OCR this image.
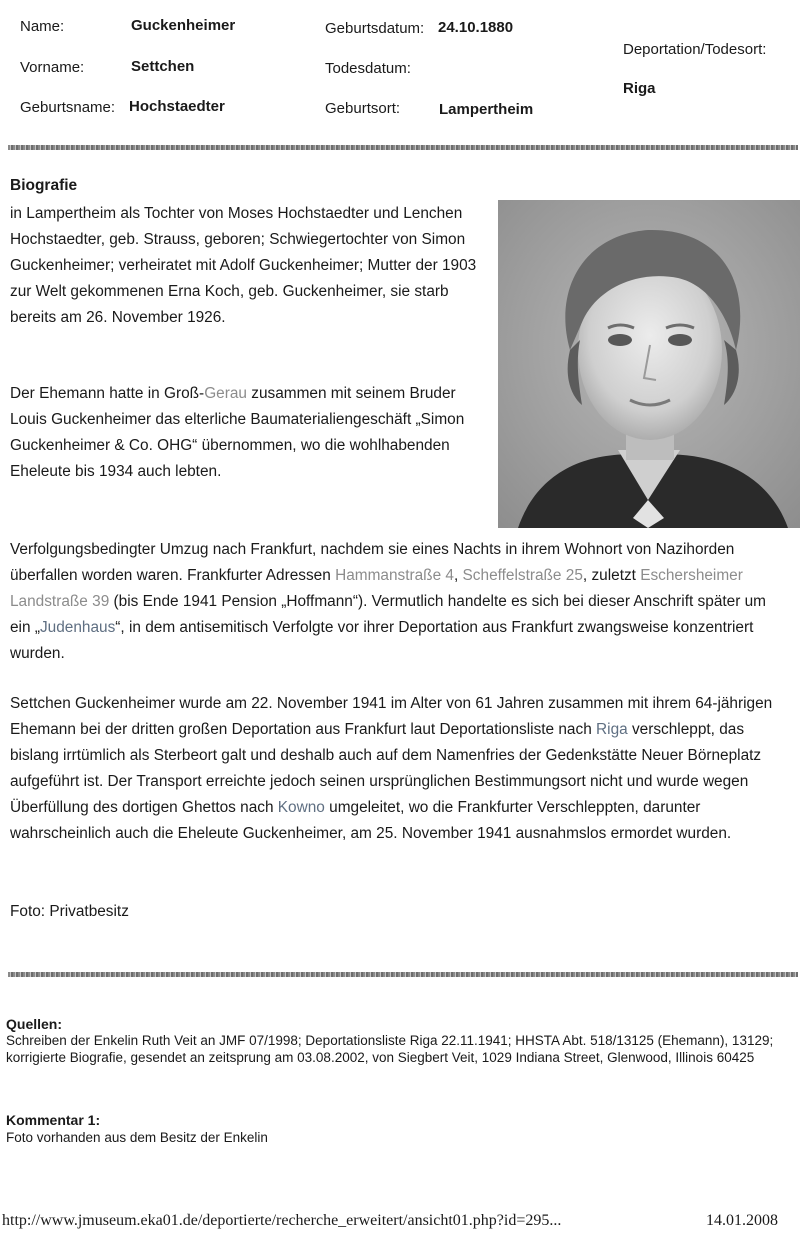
Name:	Guckenheimer
Vorname:	Settchen
Geburtsname: Hochstaedter
Geburtsdatum: 24.10.1880
Todesdatum:
Geburtsort:	Lampertheim
Deportation/Todesort:
Riga
Biografie

in Lampertheim als Tochter von Moses Hochstaedter und Lenchen Hochstaedter, geb. Strauss, geboren; Schwiegertochter von Simon Guckenheimer; verheiratet mit Adolf Guckenheimer; Mutter der 1903 zur Welt gekommenen Erna Koch, geb. Guckenheimer, sie starb bereits am 26. November 1926.

Der Ehemann hatte in Groß-Gerau zusammen mit seinem Bruder Louis Guckenheimer das elterliche Baumaterialiengeschäft „Simon Guckenheimer & Co. OHG“ übernommen, wo die wohlhabenden Eheleute bis 1934 auch lebten.

Verfolgungsbedingter Umzug nach Frankfurt, nachdem sie eines Nachts in ihrem Wohnort von Nazihorden überfallen worden waren. Frankfurter Adressen Hammanstraße 4, Scheffelstraße 25, zuletzt Eschersheimer Landstraße 39 (bis Ende 1941 Pension „Hoffmann“). Vermutlich handelte es sich bei dieser Anschrift später um ein „Judenhaus“, in dem antisemitisch Verfolgte vor ihrer Deportation aus Frankfurt zwangsweise konzentriert wurden.

Settchen Guckenheimer wurde am 22. November 1941 im Alter von 61 Jahren zusammen mit ihrem 64-jährigen Ehemann bei der dritten großen Deportation aus Frankfurt laut Deportationsliste nach Riga verschleppt, das bislang irrtümlich als Sterbeort galt und deshalb auch auf dem Namenfries der Gedenkstätte Neuer Börneplatz aufgeführt ist. Der Transport erreichte jedoch seinen ursprünglichen Bestimmungsort nicht und wurde wegen Überfüllung des dortigen Ghettos nach Kowno umgeleitet, wo die Frankfurter Verschleppten, darunter wahrscheinlich auch die Eheleute Guckenheimer, am 25. November 1941 ausnahmslos ermordet wurden.

Foto: Privatbesitz
Quellen:
Schreiben der Enkelin Ruth Veit an JMF 07/1998; Deportationsliste Riga 22.11.1941; HHSTA Abt. 518/13125 (Ehemann), 13129; korrigierte Biografie, gesendet an zeitsprung am 03.08.2002, von Siegbert Veit, 1029 Indiana Street, Glenwood, Illinois 60425
Kommentar 1:
Foto vorhanden aus dem Besitz der Enkelin
http://www.jmuseum.eka01.de/deportierte/recherche_erweitert/ansicht01.php?id=295...	14.01.2008
